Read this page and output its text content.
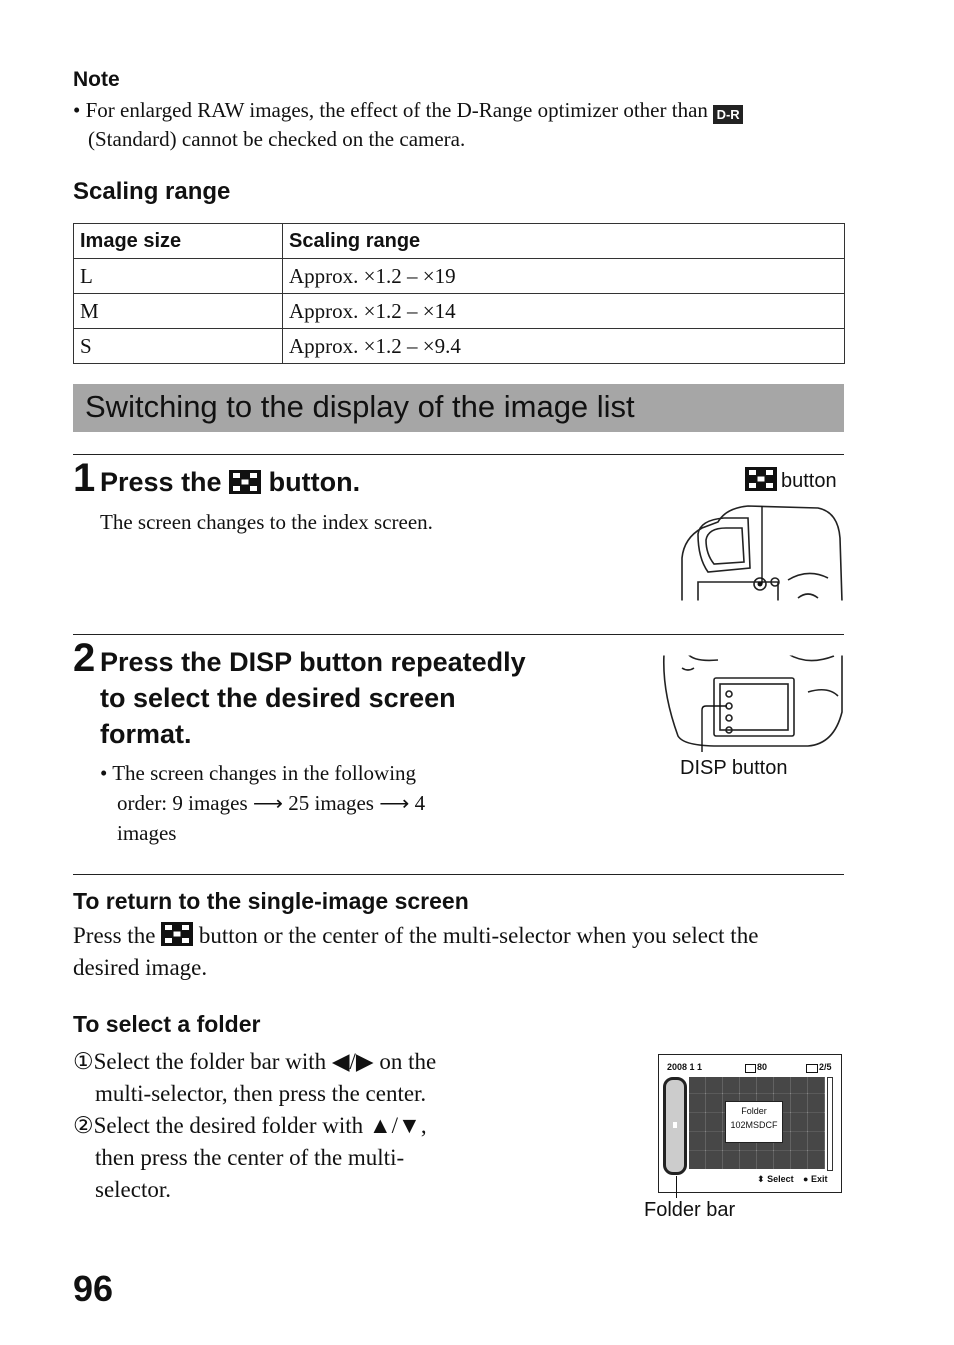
Note
• For enlarged RAW images, the effect of the D-Range optimizer other than D-R
(Standard) cannot be checked on the camera.
Scaling range
Image size	Scaling range
L	Approx. ×1.2 – ×19
M	Approx. ×1.2 – ×14
S	Approx. ×1.2 – ×9.4
Switching to the display of the image list
1 Press the button.
The screen changes to the index screen.
button
2 Press the DISP button repeatedly
to select the desired screen
format.
• The screen changes in the following
order: 9 images ⟶ 25 images ⟶ 4
images
DISP button
To return to the single-image screen
Press the button or the center of the multi-selector when you select the
desired image.
To select a folder
①Select the folder bar with ◀/▶ on the
multi-selector, then press the center.
②Select the desired folder with ▲/▼,
then press the center of the multi-
selector.
2008 1 1	80	2/5
Folder
102MSDCF
⬍ Select ● Exit
Folder bar
96
